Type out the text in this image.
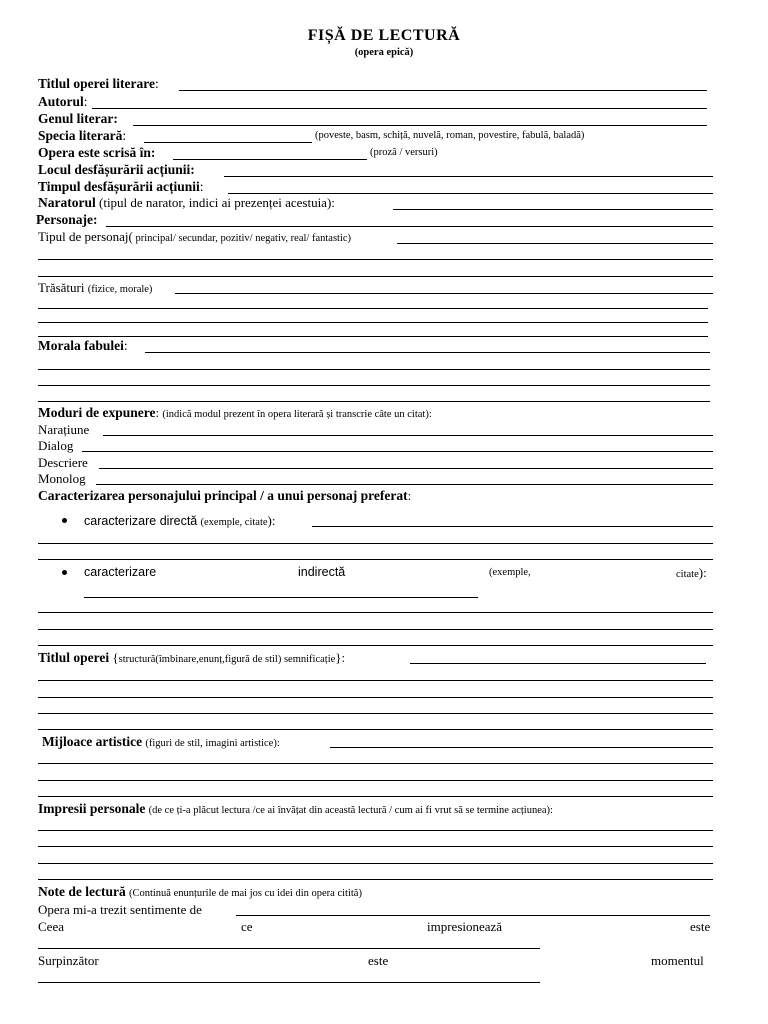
FIȘĂ DE LECTURĂ
(opera epică)
Titlul operei literare:
Autorul:
Genul literar:
Specia literară:	(poveste, basm, schiță, nuvelă, roman, povestire, fabulă, baladă)
Opera este scrisă în:	(proză / versuri)
Locul desfășurării acțiunii:
Timpul desfășurării acțiunii:
Naratorul (tipul de narator, indici ai prezenței acestuia):
Personaje:
Tipul de personaj( principal/ secundar, pozitiv/ negativ, real/ fantastic)
Trăsături (fizice, morale)
Morala fabulei:
Moduri de expunere: (indică modul prezent în opera literară și transcrie câte un citat):
Narațiune
Dialog
Descriere
Monolog
Caracterizarea personajului principal / a unui personaj preferat:
caracterizare directă (exemple, citate):
caracterizare	indirectă	(exemple,	citate):
Titlul operei {structură(îmbinare,enunț,figură de stil) semnificație}:
Mijloace artistice (figuri de stil, imagini artistice):
Impresii personale (de ce ți-a plăcut lectura /ce ai învățat din această lectură / cum ai fi vrut să se termine acțiunea):
Note de lectură (Continuă enunțurile de mai jos cu idei din opera citită)
Opera mi-a trezit sentimente de
Ceea	ce	impresionează	este
Surpinzător	este	momentul
